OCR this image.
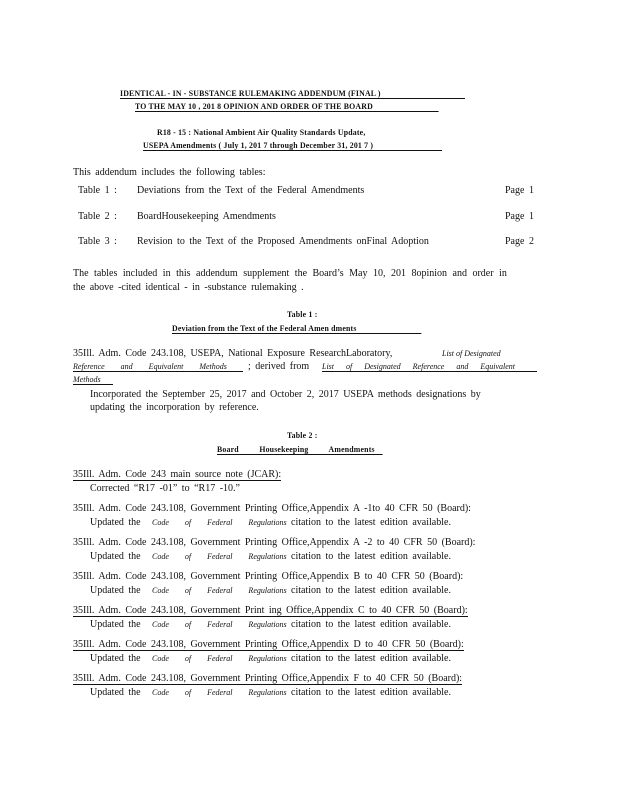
IDENTICAL - IN - SUBSTANCE RULEMAKING ADDENDUM (FINAL )
TO THE MAY 10 , 201 8 OPINION AND ORDER OF THE BOARD
R18 - 15 : National Ambient Air Quality Standards Update,
USEPA Amendments ( July 1, 201 7 through December 31, 201 7 )
This addendum includes the following tables:
Table 1 : Deviations from the Text of the Federal Amendments	Page 1
Table 2 : BoardHousekeeping Amendments	Page 1
Table 3 : Revision to the Text of the Proposed Amendments onFinal Adoption	Page 2
The tables included in this addendum supplement the Board’s May 10, 201 8opinion and order in
the above -cited identical - in -substance rulemaking .
Table 1 :
Deviation from the Text of the Federal Amen dments
35Ill. Adm. Code 243.108, USEPA, National Exposure ResearchLaboratory,	List of Designated
Reference and Equivalent Methods	; derived from List of Designated Reference and Equivalent
Methods
Incorporated the September 25, 2017 and October 2, 2017 USEPA methods designations by
updating the incorporation by reference.
Table 2 :
Board Housekeeping Amendments
35Ill. Adm. Code 243 main source note (JCAR):
Corrected “R17 -01” to “R17 -10.”
35Ill. Adm. Code 243.108, Government Printing Office,Appendix A -1to 40 CFR 50 (Board):
Updated the Code of Federal Regulations citation to the latest edition available.
35Ill. Adm. Code 243.108, Government Printing Office,Appendix A -2 to 40 CFR 50 (Board):
Updated the Code of Federal Regulations citation to the latest edition available.
35Ill. Adm. Code 243.108, Government Printing Office,Appendix B to 40 CFR 50 (Board):
Updated the Code of Federal Regulations citation to the latest edition available.
35Ill. Adm. Code 243.108, Government Print ing Office,Appendix C to 40 CFR 50 (Board):
Updated the Code of Federal Regulations citation to the latest edition available.
35Ill. Adm. Code 243.108, Government Printing Office,Appendix D to 40 CFR 50 (Board):
Updated the Code of Federal Regulations citation to the latest edition available.
35Ill. Adm. Code 243.108, Government Printing Office,Appendix F to 40 CFR 50 (Board):
Updated the Code of Federal Regulations citation to the latest edition available.
